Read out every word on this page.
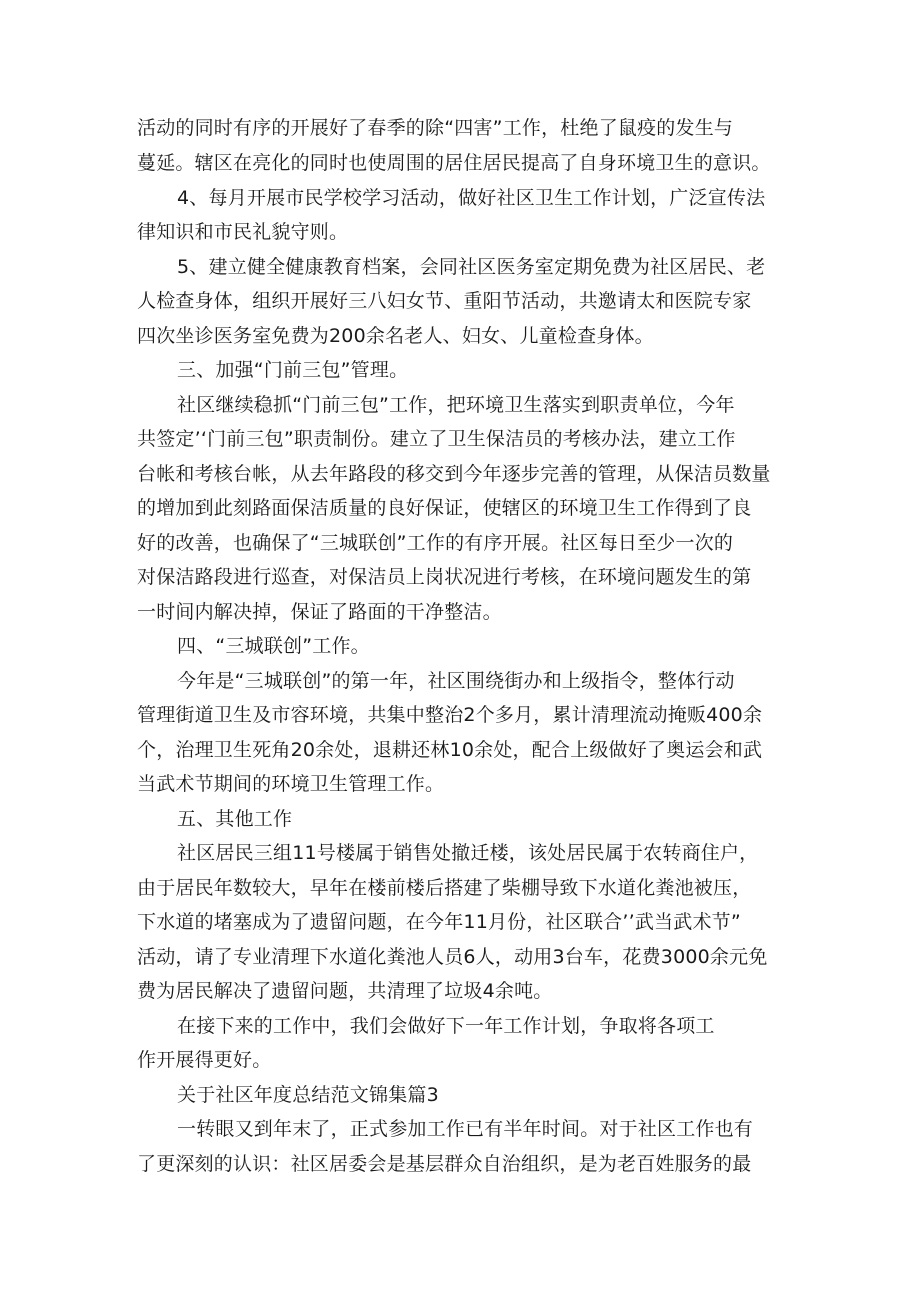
活动的同时有序的开展好了春季的除“四害”工作，杜绝了鼠疫的发生与
蔓延。辖区在亮化的同时也使周围的居住居民提高了自身环境卫生的意识。
4、每月开展市民学校学习活动，做好社区卫生工作计划，广泛宣传法
律知识和市民礼貌守则。
5、建立健全健康教育档案，会同社区医务室定期免费为社区居民、老
人检查身体，组织开展好三八妇女节、重阳节活动，共邀请太和医院专家
四次坐诊医务室免费为200余名老人、妇女、儿童检查身体。
三、加强“门前三包”管理。
社区继续稳抓“门前三包”工作，把环境卫生落实到职责单位，今年
共签定’‘门前三包”职责制份。建立了卫生保洁员的考核办法，建立工作
台帐和考核台帐，从去年路段的移交到今年逐步完善的管理，从保洁员数量
的增加到此刻路面保洁质量的良好保证，使辖区的环境卫生工作得到了良
好的改善，也确保了“三城联创”工作的有序开展。社区每日至少一次的
对保洁路段进行巡查，对保洁员上岗状况进行考核，在环境问题发生的第
一时间内解决掉，保证了路面的干净整洁。
四、“三城联创”工作。
今年是“三城联创”的第一年，社区围绕街办和上级指令，整体行动
管理街道卫生及市容环境，共集中整治2个多月，累计清理流动掩贩400余
个，治理卫生死角20余处，退耕还林10余处，配合上级做好了奥运会和武
当武术节期间的环境卫生管理工作。
五、其他工作
社区居民三组11号楼属于销售处撤迁楼，该处居民属于农转商住户，
由于居民年数较大，早年在楼前楼后搭建了柴棚导致下水道化粪池被压，
下水道的堵塞成为了遗留问题，在今年11月份，社区联合’’武当武术节”
活动，请了专业清理下水道化粪池人员6人，动用3台车，花费3000余元免
费为居民解决了遗留问题，共清理了垃圾4余吨。
在接下来的工作中，我们会做好下一年工作计划，争取将各项工
作开展得更好。
关于社区年度总结范文锦集篇3
一转眼又到年末了，正式参加工作已有半年时间。对于社区工作也有
了更深刻的认识：社区居委会是基层群众自治组织，是为老百姓服务的最
